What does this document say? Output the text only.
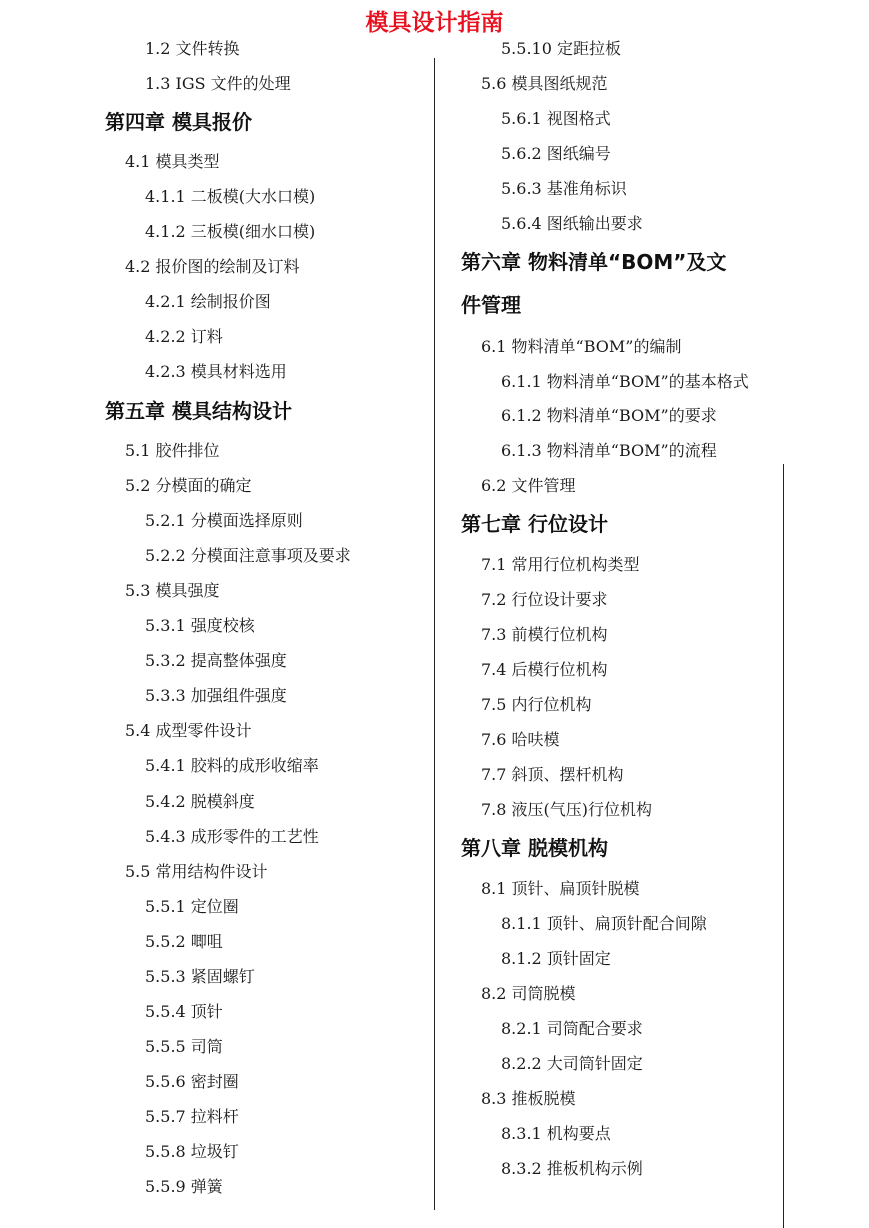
模具设计指南
1.2 文件转换
1.3 IGS 文件的处理
第四章 模具报价
4.1 模具类型
4.1.1 二板模(大水口模)
4.1.2 三板模(细水口模)
4.2 报价图的绘制及订料
4.2.1 绘制报价图
4.2.2 订料
4.2.3 模具材料选用
第五章 模具结构设计
5.1 胶件排位
5.2 分模面的确定
5.2.1 分模面选择原则
5.2.2 分模面注意事项及要求
5.3 模具强度
5.3.1 强度校核
5.3.2 提高整体强度
5.3.3 加强组件强度
5.4 成型零件设计
5.4.1 胶料的成形收缩率
5.4.2 脱模斜度
5.4.3 成形零件的工艺性
5.5 常用结构件设计
5.5.1 定位圈
5.5.2 唧咀
5.5.3 紧固螺钉
5.5.4 顶针
5.5.5 司筒
5.5.6 密封圈
5.5.7 拉料杆
5.5.8 垃圾钉
5.5.9 弹簧
5.5.10 定距拉板
5.6 模具图纸规范
5.6.1 视图格式
5.6.2 图纸编号
5.6.3 基准角标识
5.6.4 图纸输出要求
第六章 物料清单“BOM”及文
件管理
6.1 物料清单“BOM”的编制
6.1.1 物料清单“BOM”的基本格式
6.1.2 物料清单“BOM”的要求
6.1.3 物料清单“BOM”的流程
6.2 文件管理
第七章 行位设计
7.1 常用行位机构类型
7.2 行位设计要求
7.3 前模行位机构
7.4 后模行位机构
7.5 内行位机构
7.6 哈呋模
7.7 斜顶、摆杆机构
7.8 液压(气压)行位机构
第八章 脱模机构
8.1 顶针、扁顶针脱模
8.1.1 顶针、扁顶针配合间隙
8.1.2 顶针固定
8.2 司筒脱模
8.2.1 司筒配合要求
8.2.2 大司筒针固定
8.3 推板脱模
8.3.1 机构要点
8.3.2 推板机构示例
